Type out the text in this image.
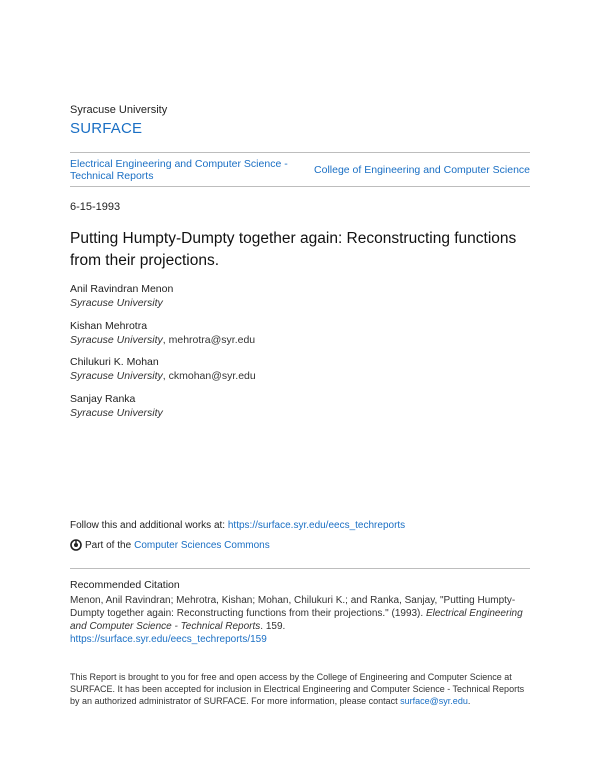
Syracuse University
SURFACE
Electrical Engineering and Computer Science - Technical Reports	College of Engineering and Computer Science
6-15-1993
Putting Humpty-Dumpty together again: Reconstructing functions from their projections.
Anil Ravindran Menon
Syracuse University
Kishan Mehrotra
Syracuse University, mehrotra@syr.edu
Chilukuri K. Mohan
Syracuse University, ckmohan@syr.edu
Sanjay Ranka
Syracuse University
Follow this and additional works at: https://surface.syr.edu/eecs_techreports
Part of the Computer Sciences Commons
Recommended Citation
Menon, Anil Ravindran; Mehrotra, Kishan; Mohan, Chilukuri K.; and Ranka, Sanjay, "Putting Humpty-Dumpty together again: Reconstructing functions from their projections." (1993). Electrical Engineering and Computer Science - Technical Reports. 159.
https://surface.syr.edu/eecs_techreports/159
This Report is brought to you for free and open access by the College of Engineering and Computer Science at SURFACE. It has been accepted for inclusion in Electrical Engineering and Computer Science - Technical Reports by an authorized administrator of SURFACE. For more information, please contact surface@syr.edu.
